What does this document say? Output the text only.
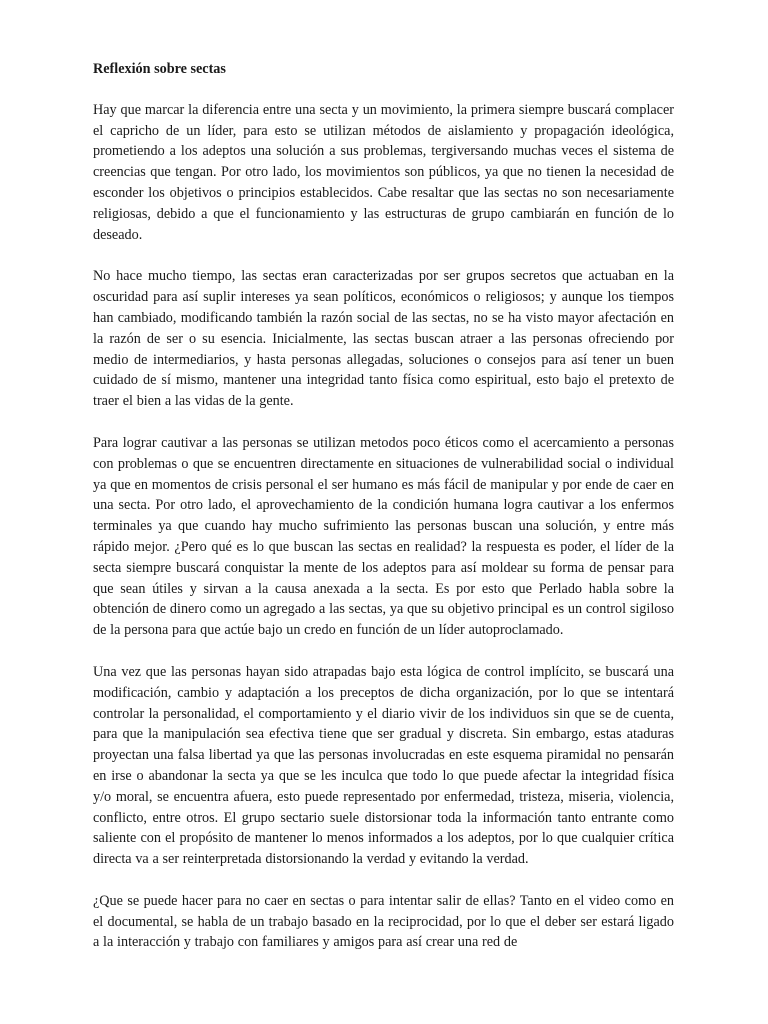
Reflexión sobre sectas

Hay que marcar la diferencia entre una secta y un movimiento, la primera siempre buscará complacer el capricho de un líder, para esto se utilizan métodos de aislamiento y propagación ideológica, prometiendo a los adeptos una solución a sus problemas, tergiversando muchas veces el sistema de creencias que tengan. Por otro lado, los movimientos son públicos, ya que no tienen la necesidad de esconder los objetivos o principios establecidos. Cabe resaltar que las sectas no son necesariamente religiosas, debido a que el funcionamiento y las estructuras de grupo cambiarán en función de lo deseado.

No hace mucho tiempo, las sectas eran caracterizadas por ser grupos secretos que actuaban en la oscuridad para así suplir intereses ya sean políticos, económicos o religiosos; y aunque los tiempos han cambiado, modificando también la razón social de las sectas, no se ha visto mayor afectación en la razón de ser o su esencia. Inicialmente, las sectas buscan atraer a las personas ofreciendo por medio de intermediarios, y hasta personas allegadas, soluciones o consejos para así tener un buen cuidado de sí mismo, mantener una integridad tanto física como espiritual, esto bajo el pretexto de traer el bien a las vidas de la gente.

Para lograr cautivar a las personas se utilizan metodos poco éticos como el acercamiento a personas con problemas o que se encuentren directamente en situaciones de vulnerabilidad social o individual ya que en momentos de crisis personal el ser humano es más fácil de manipular y por ende de caer en una secta. Por otro lado, el aprovechamiento de la condición humana logra cautivar a los enfermos terminales ya que cuando hay mucho sufrimiento las personas buscan una solución, y entre más rápido mejor. ¿Pero qué es lo que buscan las sectas en realidad? la respuesta es poder, el líder de la secta siempre buscará conquistar la mente de los adeptos para así moldear su forma de pensar para que sean útiles y sirvan a la causa anexada a la secta. Es por esto que Perlado habla sobre la obtención de dinero como un agregado a las sectas, ya que su objetivo principal es un control sigiloso de la persona para que actúe bajo un credo en función de un líder autoproclamado.

Una vez que las personas hayan sido atrapadas bajo esta lógica de control implícito, se buscará una modificación, cambio y adaptación a los preceptos de dicha organización, por lo que se intentará controlar la personalidad, el comportamiento y el diario vivir de los individuos sin que se de cuenta, para que la manipulación sea efectiva tiene que ser gradual y discreta. Sin embargo, estas ataduras proyectan una falsa libertad ya que las personas involucradas en este esquema piramidal no pensarán en irse o abandonar la secta ya que se les inculca que todo lo que puede afectar la integridad física y/o moral, se encuentra afuera, esto puede representado por enfermedad, tristeza, miseria, violencia, conflicto, entre otros. El grupo sectario suele distorsionar toda la información tanto entrante como saliente con el propósito de mantener lo menos informados a los adeptos, por lo que cualquier crítica directa va a ser reinterpretada distorsionando la verdad y evitando la verdad.

¿Que se puede hacer para no caer en sectas o para intentar salir de ellas? Tanto en el video como en el documental, se habla de un trabajo basado en la reciprocidad, por lo que el deber ser estará ligado a la interacción y trabajo con familiares y amigos para así crear una red de
